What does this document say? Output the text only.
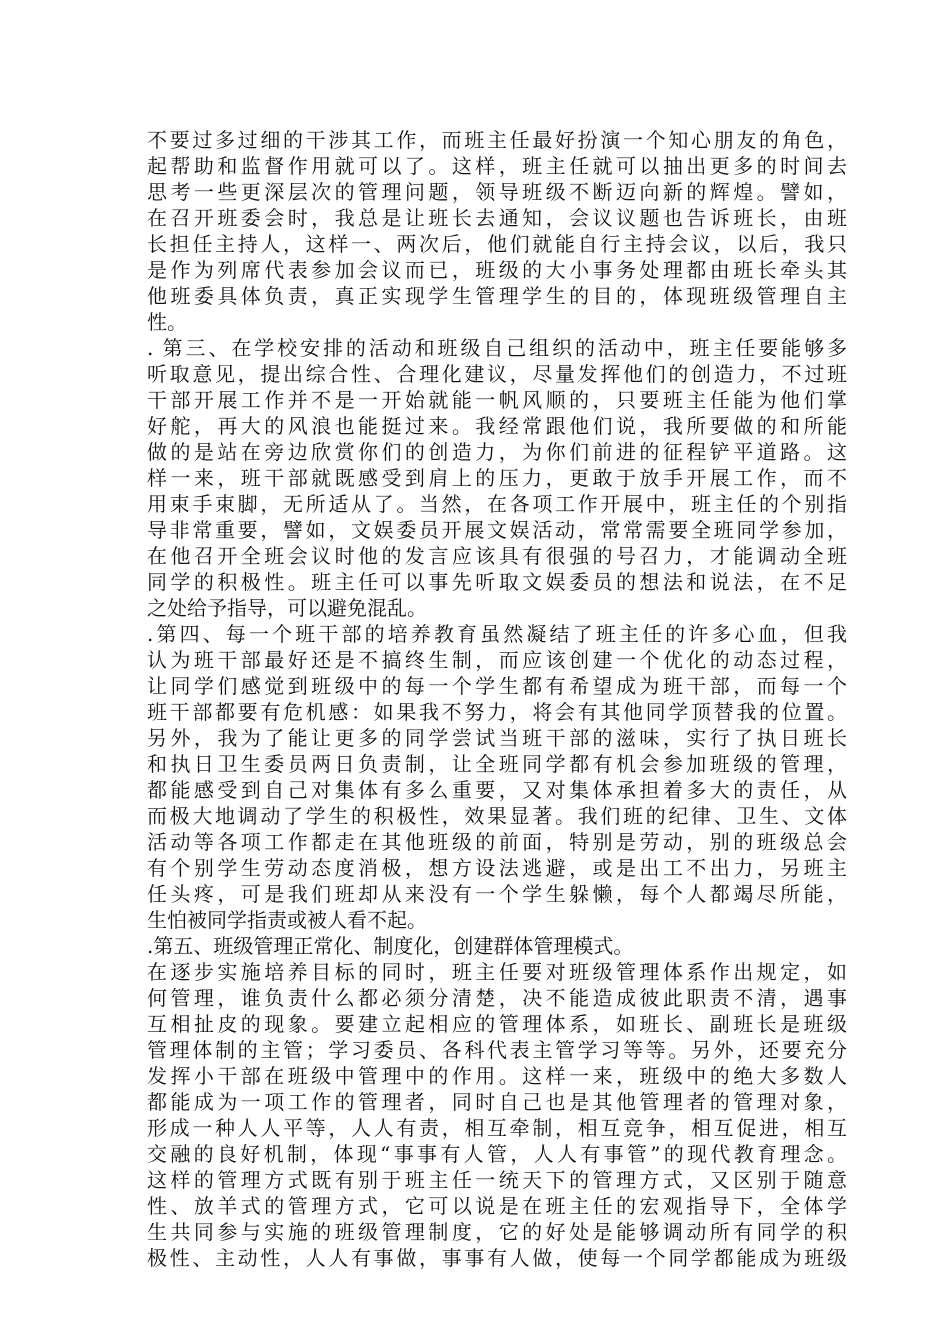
不要过多过细的干涉其工作，而班主任最好扮演一个知心朋友的角色，
起帮助和监督作用就可以了。这样，班主任就可以抽出更多的时间去
思考一些更深层次的管理问题，领导班级不断迈向新的辉煌。譬如，
在召开班委会时，我总是让班长去通知，会议议题也告诉班长，由班
长担任主持人，这样一、两次后，他们就能自行主持会议，以后，我只
是作为列席代表参加会议而已，班级的大小事务处理都由班长牵头其
他班委具体负责，真正实现学生管理学生的目的，体现班级管理自主
性。
. 第三、在学校安排的活动和班级自己组织的活动中，班主任要能够多
听取意见，提出综合性、合理化建议，尽量发挥他们的创造力，不过班
干部开展工作并不是一开始就能一帆风顺的，只要班主任能为他们掌
好舵，再大的风浪也能挺过来。我经常跟他们说，我所要做的和所能
做的是站在旁边欣赏你们的创造力，为你们前进的征程铲平道路。这
样一来，班干部就既感受到肩上的压力，更敢于放手开展工作，而不
用束手束脚，无所适从了。当然，在各项工作开展中，班主任的个别指
导非常重要，譬如，文娱委员开展文娱活动，常常需要全班同学参加，
在他召开全班会议时他的发言应该具有很强的号召力，才能调动全班
同学的积极性。班主任可以事先听取文娱委员的想法和说法，在不足
之处给予指导，可以避免混乱。
.第四、每一个班干部的培养教育虽然凝结了班主任的许多心血，但我
认为班干部最好还是不搞终生制，而应该创建一个优化的动态过程，
让同学们感觉到班级中的每一个学生都有希望成为班干部，而每一个
班干部都要有危机感：如果我不努力，将会有其他同学顶替我的位置。
另外，我为了能让更多的同学尝试当班干部的滋味，实行了执日班长
和执日卫生委员两日负责制，让全班同学都有机会参加班级的管理，
都能感受到自己对集体有多么重要，又对集体承担着多大的责任，从
而极大地调动了学生的积极性，效果显著。我们班的纪律、卫生、文体
活动等各项工作都走在其他班级的前面，特别是劳动，别的班级总会
有个别学生劳动态度消极，想方设法逃避，或是出工不出力，另班主
任头疼，可是我们班却从来没有一个学生躲懒，每个人都竭尽所能，
生怕被同学指责或被人看不起。
.第五、班级管理正常化、制度化，创建群体管理模式。
在逐步实施培养目标的同时，班主任要对班级管理体系作出规定，如
何管理，谁负责什么都必须分清楚，决不能造成彼此职责不清，遇事
互相扯皮的现象。要建立起相应的管理体系，如班长、副班长是班级
管理体制的主管；学习委员、各科代表主管学习等等。另外，还要充分
发挥小干部在班级中管理中的作用。这样一来，班级中的绝大多数人
都能成为一项工作的管理者，同时自己也是其他管理者的管理对象，
形成一种人人平等，人人有责，相互牵制，相互竞争，相互促进，相互
交融的良好机制，体现“事事有人管，人人有事管”的现代教育理念。
这样的管理方式既有别于班主任一统天下的管理方式，又区别于随意
性、放羊式的管理方式，它可以说是在班主任的宏观指导下，全体学
生共同参与实施的班级管理制度，它的好处是能够调动所有同学的积
极性、主动性，人人有事做，事事有人做，使每一个同学都能成为班级
